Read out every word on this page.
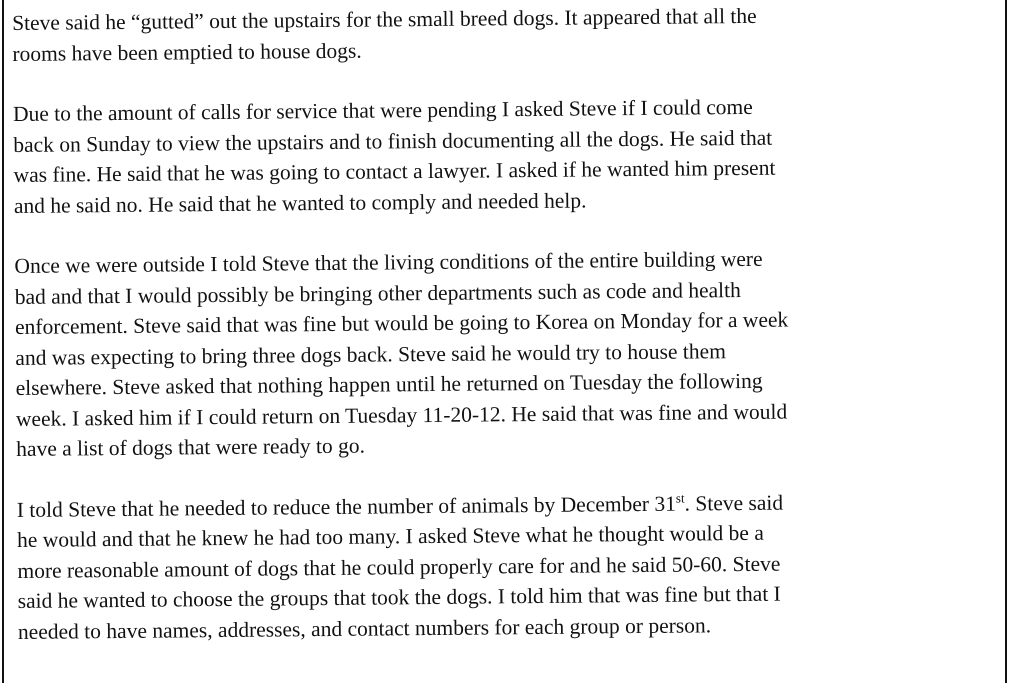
Steve said he “gutted” out the upstairs for the small breed dogs. It appeared that all the
rooms have been emptied to house dogs.

Due to the amount of calls for service that were pending I asked Steve if I could come
back on Sunday to view the upstairs and to finish documenting all the dogs. He said that
was fine. He said that he was going to contact a lawyer. I asked if he wanted him present
and he said no. He said that he wanted to comply and needed help.

Once we were outside I told Steve that the living conditions of the entire building were
bad and that I would possibly be bringing other departments such as code and health
enforcement. Steve said that was fine but would be going to Korea on Monday for a week
and was expecting to bring three dogs back. Steve said he would try to house them
elsewhere. Steve asked that nothing happen until he returned on Tuesday the following
week. I asked him if I could return on Tuesday 11-20-12. He said that was fine and would
have a list of dogs that were ready to go.

I told Steve that he needed to reduce the number of animals by December 31st. Steve said
he would and that he knew he had too many. I asked Steve what he thought would be a
more reasonable amount of dogs that he could properly care for and he said 50-60. Steve
said he wanted to choose the groups that took the dogs. I told him that was fine but that I
needed to have names, addresses, and contact numbers for each group or person.
